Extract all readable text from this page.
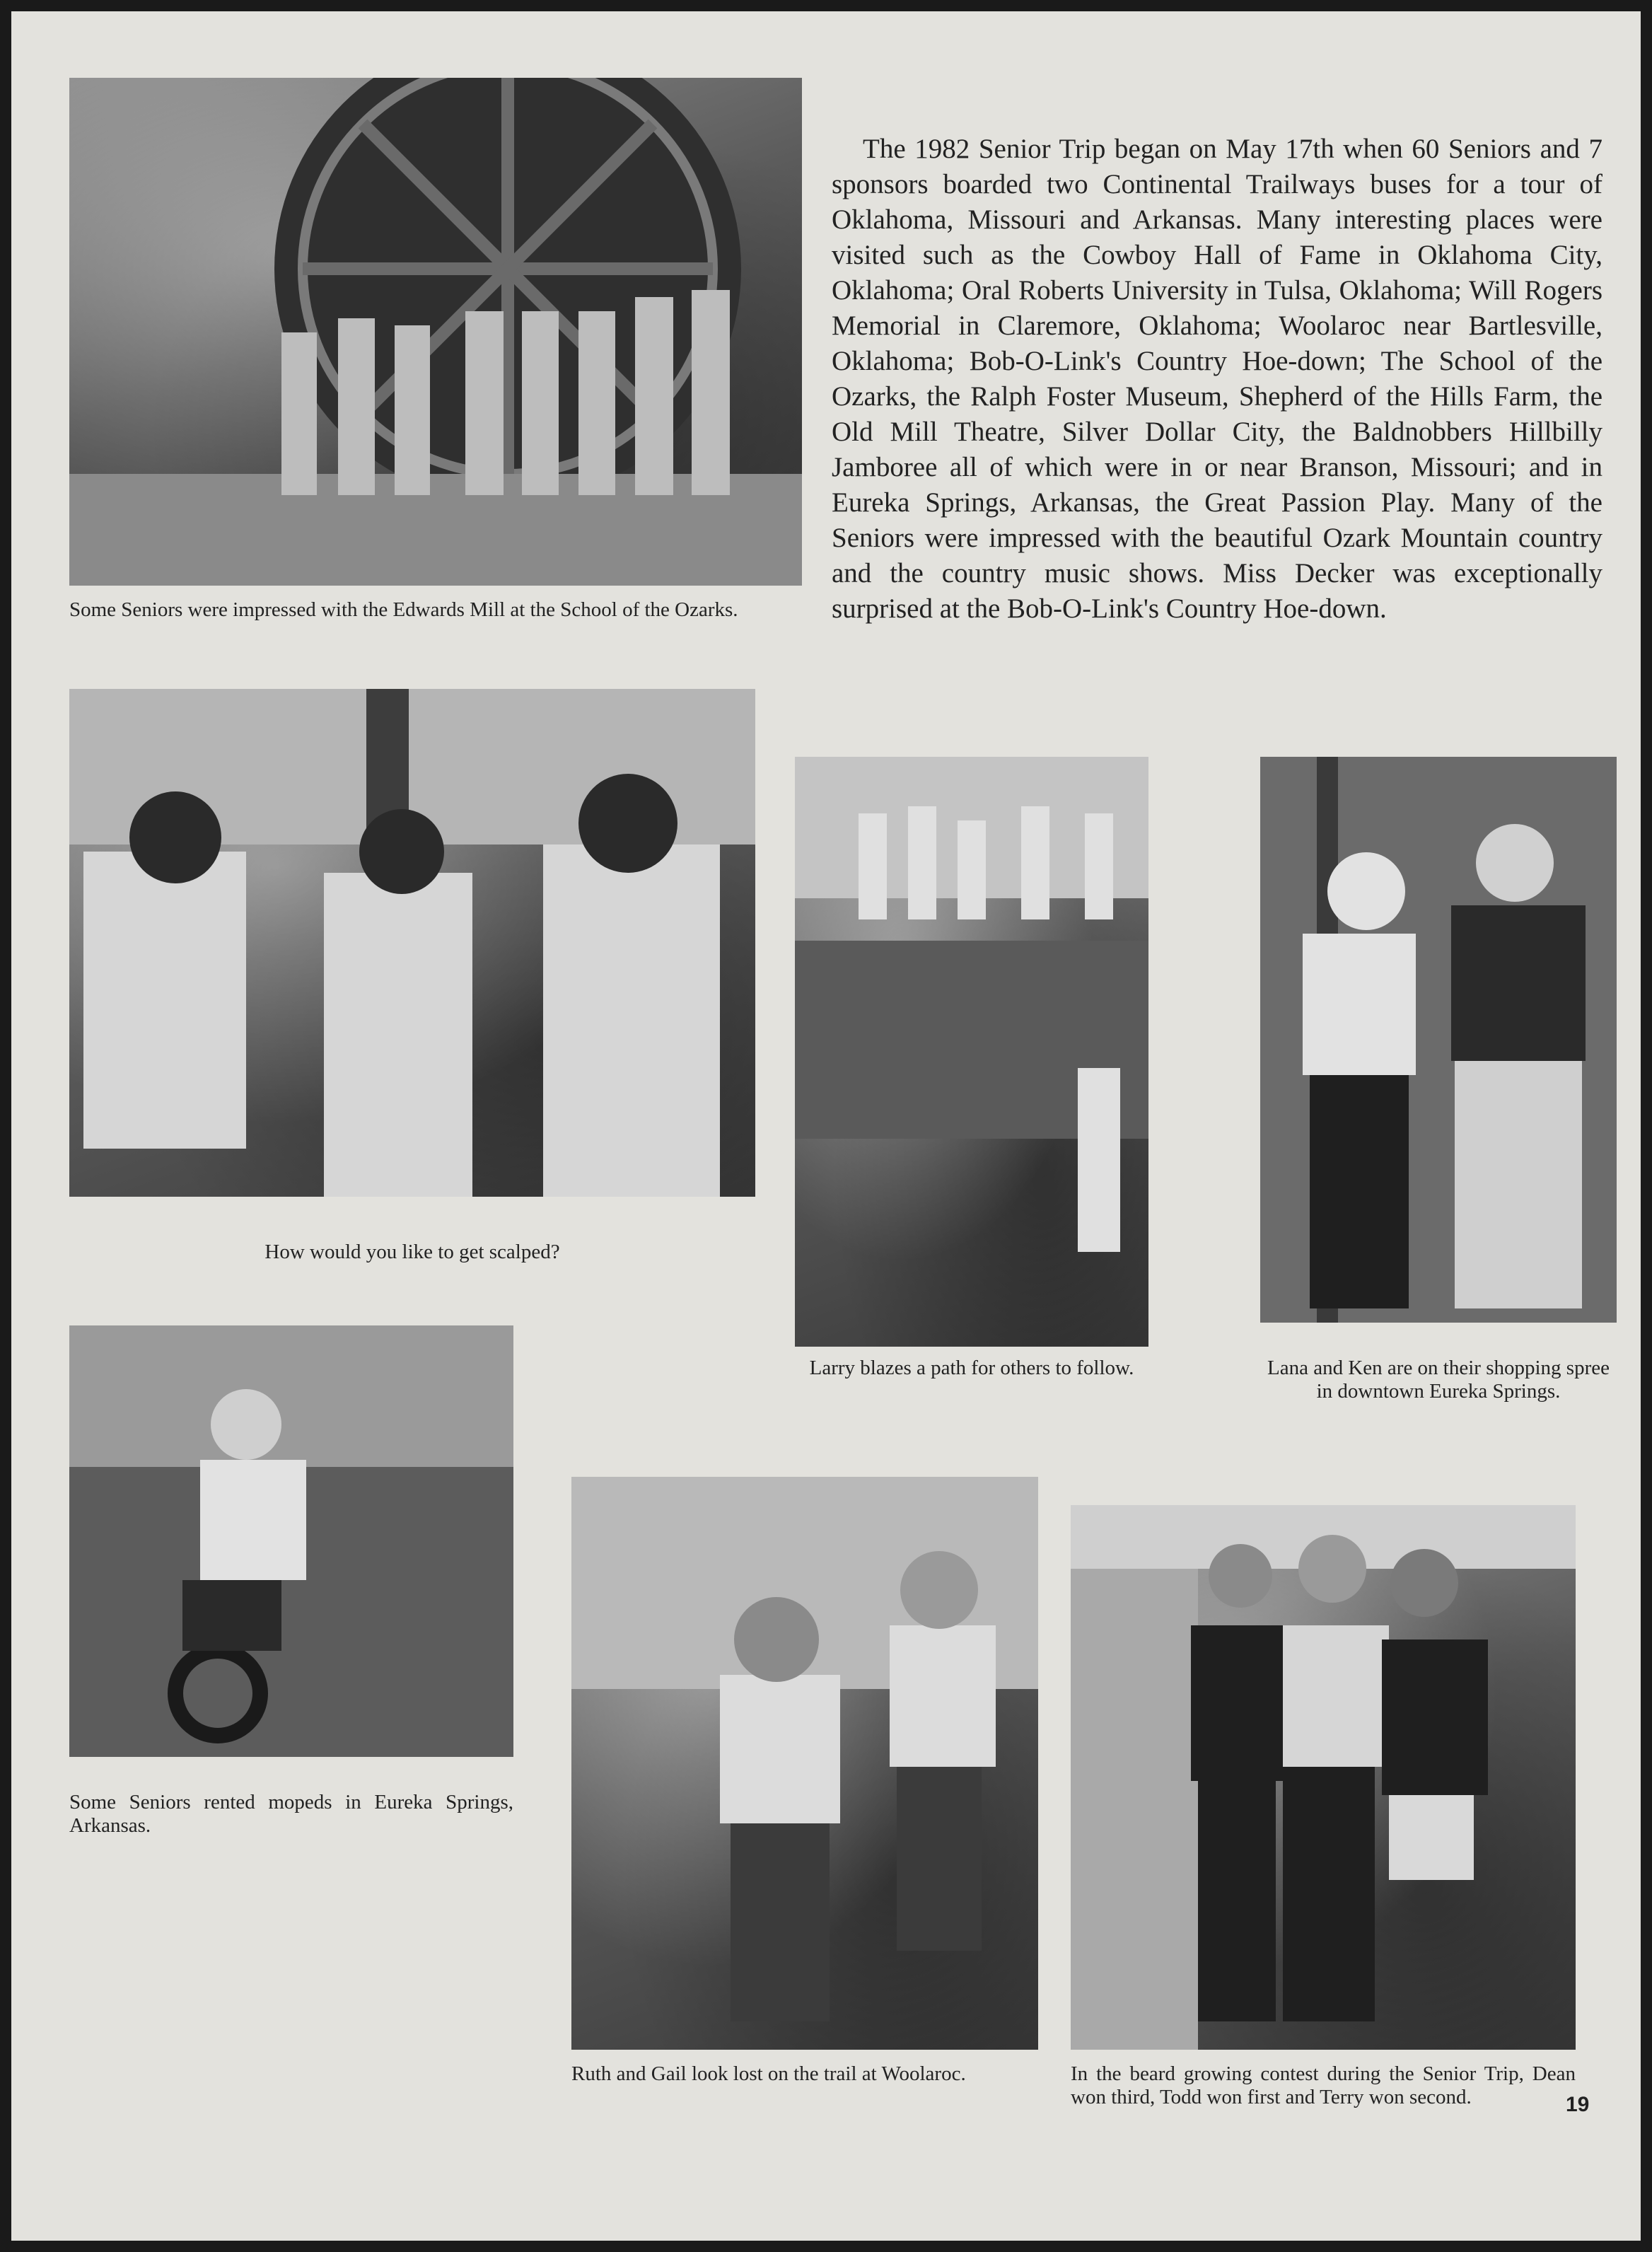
Some Seniors were impressed with the Edwards Mill at the School of the Ozarks.
The 1982 Senior Trip began on May 17th when 60 Seniors and 7 sponsors boarded two Continental Trailways buses for a tour of Oklahoma, Missouri and Arkansas. Many interesting places were visited such as the Cowboy Hall of Fame in Oklahoma City, Oklahoma; Oral Roberts University in Tulsa, Oklahoma; Will Rogers Memorial in Claremore, Oklahoma; Woolaroc near Bartlesville, Oklahoma; Bob-O-Link's Country Hoe-down; The School of the Ozarks, the Ralph Foster Museum, Shepherd of the Hills Farm, the Old Mill Theatre, Silver Dollar City, the Baldnobbers Hillbilly Jamboree all of which were in or near Branson, Missouri; and in Eureka Springs, Arkansas, the Great Passion Play. Many of the Seniors were impressed with the beautiful Ozark Mountain country and the country music shows. Miss Decker was exceptionally surprised at the Bob-O-Link's Country Hoe-down.
How would you like to get scalped?
Larry blazes a path for others to follow.	Lana and Ken are on their shopping spree in downtown Eureka Springs.
Some Seniors rented mopeds in Eureka Springs, Arkansas.
Ruth and Gail look lost on the trail at Woolaroc.	In the beard growing contest during the Senior Trip, Dean won third, Todd won first and Terry won second.	19
